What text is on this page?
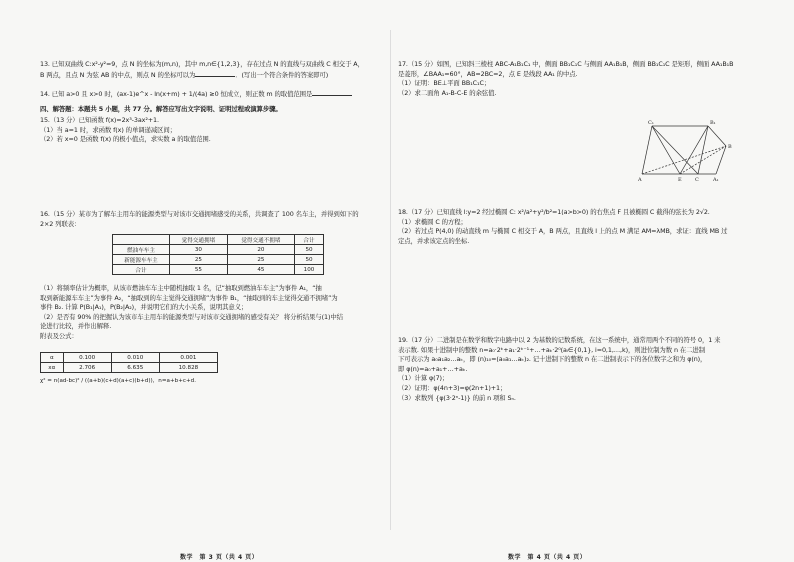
13. 已知双曲线 C:x²-y²=9，点 N 的坐标为(m,n)，其中 m,n∈{1,2,3}，存在过点 N 的直线与双曲线 C 相交于 A，
B 两点，且点 N 为弦 AB 的中点，则点 N 的坐标可以为	．(写出一个符合条件的答案即可)
14. 已知 a>0 且 x>0 时，(ax-1)e^x - ln(x+m) + 1/(4a) ≥0 恒成立，则正数 m 的取值范围是
四、解答题：本题共 5 小题，共 77 分。解答应写出文字说明、证明过程或演算步骤。
15.（13 分）已知函数 f(x)=2x³-3ax²+1.
（1）当 a=1 时，求函数 f(x) 的单调递减区间；
（2）若 x=0 是函数 f(x) 的极小值点，求实数 a 的取值范围.
16.（15 分）某市为了解车主用车的能源类型与对该市交通拥堵感受的关系，共调查了 100 名车主，并得到如下的
2×2 列联表：
	觉得交通拥堵	觉得交通不拥堵	合计
燃油车车主	30	20	50
新能源车车主	25	25	50
合计	55	45	100
（1）将频率估计为概率，从该市燃油车车主中随机抽取 1 名，记“抽取到燃油车车主”为事件 A₁，“抽
取到新能源车车主”为事件 A₂，“抽取到的车主觉得交通拥堵”为事件 B₁，“抽取到的车主觉得交通不拥堵”为
事件 B₂. 计算 P(B₁|A₁)，P(B₂|A₂)，并说明它们的大小关系，说明其意义；
（2）是否有 90% 的把握认为该市车主用车的能源类型与对该市交通拥堵的感受有关？ 将分析结果与(1)中结
论进行比较，并作出解释.
附表及公式：
α	0.100	0.010	0.001
xα	2.706	6.635	10.828
χ² = n(ad-bc)² / ((a+b)(c+d)(a+c)(b+d))，n=a+b+c+d.
数学　第 3 页（共 4 页）
17.（15 分）如图，已知斜三棱柱 ABC-A₁B₁C₁ 中，侧面 BB₁C₁C 与侧面 AA₁B₁B，侧面 BB₁C₁C 是矩形，侧面 AA₁B₁B
是菱形，∠BAA₁=60°，AB=2BC=2，点 E 是线段 AA₁ 的中点.
（1）证明：BE⊥平面 BB₁C₁C；
（2）求二面角 A₁-B-C-E 的余弦值.
C₁	B₁
A	E	A₁
B
C
18.（17 分）已知直线 l:y=2 经过椭圆 C: x²/a²+y²/b²=1(a>b>0) 的右焦点 F 且被椭圆 C 截得的弦长为 2√2.
（1）求椭圆 C 的方程；
（2）若过点 P(4,0) 的动直线 m 与椭圆 C 相交于 A，B 两点，且直线 l 上的点 M 满足 AM=λMB，求证：直线 MB 过
定点，并求该定点的坐标.
19.（17 分）二进制是在数学和数字电路中以 2 为基数的记数系统，在这一系统中，通常用两个不同的符号 0，1 来
表示数. 如果十进制中的整数 n=a₀·2ᵏ+a₁·2ᵏ⁻¹+…+aₖ·2⁰(aᵢ∈{0,1}, i=0,1,…,k)，则进位制为数 n 在二进制
下可表示为 a₀a₁a₂…aₖ，即 (n)₁₀=(a₀a₁…aₖ)₂. 记十进制下的整数 n 在二进制表示下的各位数字之和为 φ(n)，
即 φ(n)=a₀+a₁+…+aₖ.
（1）计算 φ(7)；
（2）证明：φ(4n+3)=φ(2n+1)+1；
（3）求数列 {φ(3·2ⁿ-1)} 的前 n 项和 Sₙ.
数学　第 4 页（共 4 页）
